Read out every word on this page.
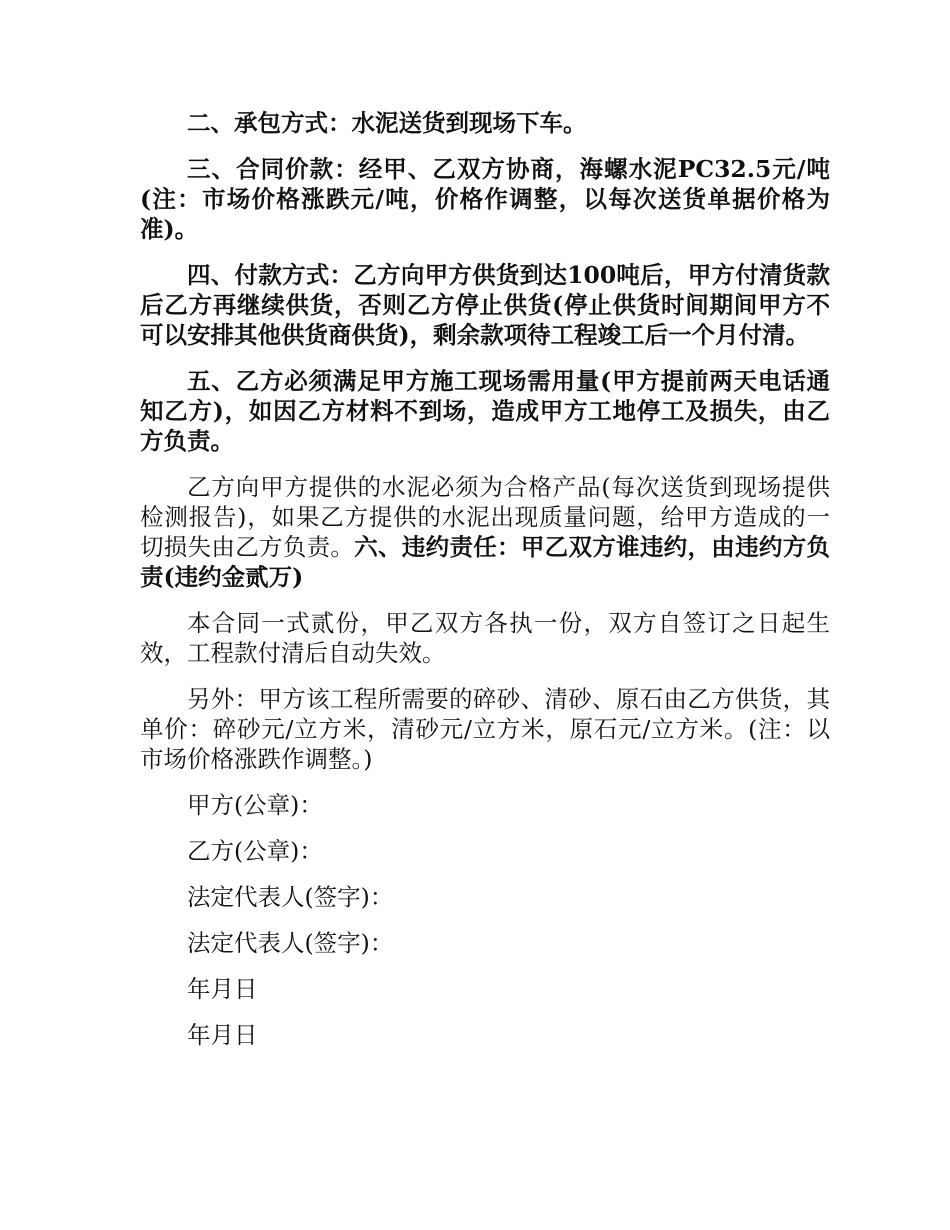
二、承包方式：水泥送货到现场下车。

三、合同价款：经甲、乙双方协商，海螺水泥PC32.5元/吨(注：市场价格涨跌元/吨，价格作调整，以每次送货单据价格为准)。

四、付款方式：乙方向甲方供货到达100吨后，甲方付清货款后乙方再继续供货，否则乙方停止供货(停止供货时间期间甲方不可以安排其他供货商供货)，剩余款项待工程竣工后一个月付清。

五、乙方必须满足甲方施工现场需用量(甲方提前两天电话通知乙方)，如因乙方材料不到场，造成甲方工地停工及损失，由乙方负责。

乙方向甲方提供的水泥必须为合格产品(每次送货到现场提供检测报告)，如果乙方提供的水泥出现质量问题，给甲方造成的一切损失由乙方负责。六、违约责任：甲乙双方谁违约，由违约方负责(违约金贰万)

本合同一式贰份，甲乙双方各执一份，双方自签订之日起生效，工程款付清后自动失效。

另外：甲方该工程所需要的碎砂、清砂、原石由乙方供货，其单价：碎砂元/立方米，清砂元/立方米，原石元/立方米。(注：以市场价格涨跌作调整。)

甲方(公章)：
乙方(公章)：
法定代表人(签字)：
法定代表人(签字)：
年月日
年月日
